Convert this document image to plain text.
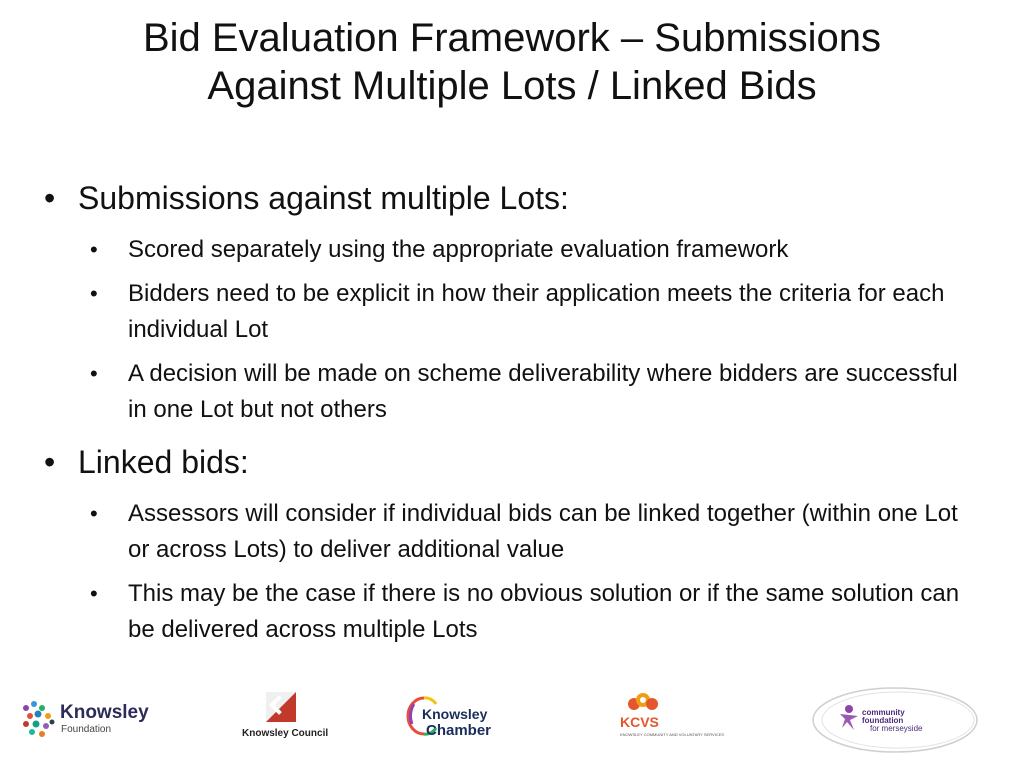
Bid Evaluation Framework – Submissions
Against Multiple Lots / Linked Bids
• Submissions against multiple Lots:
• Scored separately using the appropriate evaluation framework
• Bidders need to be explicit in how their application meets the criteria for each individual Lot
• A decision will be made on scheme deliverability where bidders are successful in one Lot but not others
• Linked bids:
• Assessors will consider if individual bids can be linked together (within one Lot or across Lots) to deliver additional value
• This may be the case if there is no obvious solution or if the same solution can be delivered across multiple Lots
Knowsley
Foundation	Knowsley Council
Knowsley
Chamber	KCVS
KNOWSLEY COMMUNITY AND VOLUNTARY SERVICES
community
foundation
for merseyside
